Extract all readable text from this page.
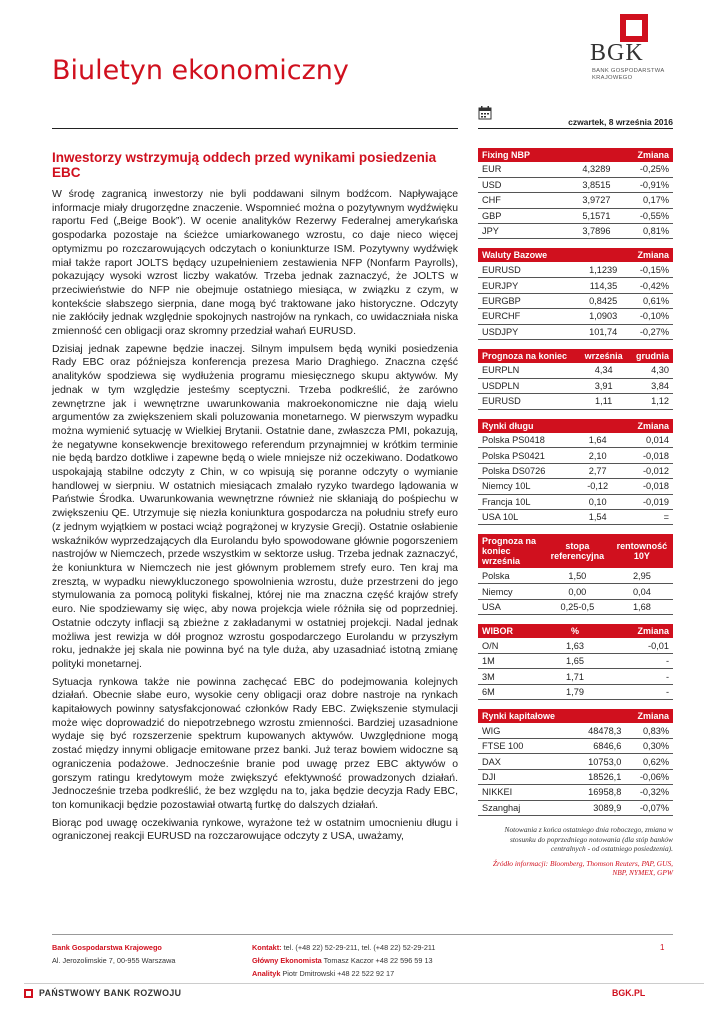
Biuletyn ekonomiczny
BGK
BANK GOSPODARSTWA
KRAJOWEGO
czwartek, 8 września 2016
Inwestorzy wstrzymują oddech przed wynikami posiedzenia EBC

W środę zagranicą inwestorzy nie byli poddawani silnym bodźcom. Napływające informacje miały drugorzędne znaczenie. Wspomnieć można o pozytywnym wydźwięku raportu Fed („Beige Book”). W ocenie analityków Rezerwy Federalnej amerykańska gospodarka pozostaje na ścieżce umiarkowanego wzrostu, co daje nieco więcej optymizmu po rozczarowujących odczytach o koniunkturze ISM. Pozytywny wydźwięk miał także raport JOLTS będący uzupełnieniem zestawienia NFP (Nonfarm Payrolls), pokazujący wysoki wzrost liczby wakatów. Trzeba jednak zaznaczyć, że JOLTS w przeciwieństwie do NFP nie obejmuje ostatniego miesiąca, w związku z czym, w kontekście słabszego sierpnia, dane mogą być traktowane jako historyczne. Odczyty nie zakłóciły jednak względnie spokojnych nastrojów na rynkach, co uwidaczniała niska zmienność cen obligacji oraz skromny przedział wahań EURUSD.

Dzisiaj jednak zapewne będzie inaczej. Silnym impulsem będą wyniki posiedzenia Rady EBC oraz późniejsza konferencja prezesa Mario Draghiego. Znaczna część analityków spodziewa się wydłużenia programu miesięcznego skupu aktywów. My jednak w tym względzie jesteśmy sceptyczni. Trzeba podkreślić, że zarówno zewnętrzne jak i wewnętrzne uwarunkowania makroekonomiczne nie dają wielu argumentów za zwiększeniem skali poluzowania monetarnego. W pierwszym wypadku można wymienić sytuację w Wielkiej Brytanii. Ostatnie dane, zwłaszcza PMI, pokazują, że negatywne konsekwencje brexitowego referendum przynajmniej w krótkim terminie nie będą bardzo dotkliwe i zapewne będą o wiele mniejsze niż oczekiwano. Dodatkowo uspokajają stabilne odczyty z Chin, w co wpisują się poranne odczyty o wymianie handlowej w sierpniu. W ostatnich miesiącach zmalało ryzyko twardego lądowania w Państwie Środka. Uwarunkowania wewnętrzne również nie skłaniają do pośpiechu w zwiększeniu QE. Utrzymuje się niezła koniunktura gospodarcza na południu strefy euro (z jednym wyjątkiem w postaci wciąż pogrążonej w kryzysie Grecji). Ostatnie osłabienie wskaźników wyprzedzających dla Eurolandu było spowodowane głównie pogorszeniem nastrojów w Niemczech, przede wszystkim w sektorze usług. Trzeba jednak zaznaczyć, że koniunktura w Niemczech nie jest głównym problemem strefy euro. Ten kraj ma zresztą, w wypadku niewykluczonego spowolnienia wzrostu, duże przestrzeni do jego stymulowania za pomocą polityki fiskalnej, której nie ma znaczna część krajów strefy euro. Nie spodziewamy się więc, aby nowa projekcja wiele różniła się od poprzedniej. Ostatnie odczyty inflacji są zbieżne z zakładanymi w ostatniej projekcji. Nadal jednak możliwa jest rewizja w dół prognoz wzrostu gospodarczego Eurolandu w przyszłym roku, jednakże jej skala nie powinna być na tyle duża, aby uzasadniać istotną zmianę polityki monetarnej.

Sytuacja rynkowa także nie powinna zachęcać EBC do podejmowania kolejnych działań. Obecnie słabe euro, wysokie ceny obligacji oraz dobre nastroje na rynkach kapitałowych powinny satysfakcjonować członków Rady EBC. Zwiększenie stymulacji może więc doprowadzić do niepotrzebnego wzrostu zmienności. Bardziej uzasadnione wydaje się być rozszerzenie spektrum kupowanych aktywów. Uwzględnione mogą zostać między innymi obligacje emitowane przez banki. Już teraz bowiem widoczne są ograniczenia podażowe. Jednocześnie branie pod uwagę przez EBC aktywów o gorszym ratingu kredytowym może zwiększyć efektywność prowadzonych działań. Jednocześnie trzeba podkreślić, że bez względu na to, jaka będzie decyzja Rady EBC, ton komunikacji będzie pozostawiał otwartą furtkę do dalszych działań.

Biorąc pod uwagę oczekiwania rynkowe, wyrażone też w ostatnim umocnieniu długu i ograniczonej reakcji EURUSD na rozczarowujące odczyty z USA, uważamy,

Fixing NBP		Zmiana
EUR	4,3289	-0,25%
USD	3,8515	-0,91%
CHF	3,9727	0,17%
GBP	5,1571	-0,55%
JPY	3,7896	0,81%
Waluty Bazowe		Zmiana
EURUSD	1,1239	-0,15%
EURJPY	114,35	-0,42%
EURGBP	0,8425	0,61%
EURCHF	1,0903	-0,10%
USDJPY	101,74	-0,27%
Prognoza na koniec	września	grudnia
EURPLN	4,34	4,30
USDPLN	3,91	3,84
EURUSD	1,11	1,12
Rynki długu		Zmiana
Polska PS0418	1,64	0,014
Polska PS0421	2,10	-0,018
Polska DS0726	2,77	-0,012
Niemcy 10L	-0,12	-0,018
Francja 10L	0,10	-0,019
USA 10L	1,54	=
Prognoza na koniec września	stopa referencyjna	rentowność 10Y
Polska	1,50	2,95
Niemcy	0,00	0,04
USA	0,25-0,5	1,68
WIBOR	%	Zmiana
O/N	1,63	-0,01
1M	1,65	-
3M	1,71	-
6M	1,79	-
Rynki kapitałowe		Zmiana
WIG	48478,3	0,83%
FTSE 100	6846,6	0,30%
DAX	10753,0	0,62%
DJI	18526,1	-0,06%
NIKKEI	16958,8	-0,32%
Szanghaj	3089,9	-0,07%
Notowania z końca ostatniego dnia roboczego, zmiana w stosunku do poprzedniego notowania (dla stóp banków centralnych - od ostatniego posiedzenia).
Źródło informacji: Bloomberg, Thomson Reuters, PAP, GUS, NBP, NYMEX, GPW
Bank Gospodarstwa Krajowego
Al. Jerozolimskie 7, 00-955 Warszawa
Kontakt: tel. (+48 22) 52-29-211, tel. (+48 22) 52-29-211
Główny Ekonomista Tomasz Kaczor +48 22 596 59 13
Analityk Piotr Dmitrowski +48 22 522 92 17
1
PAŃSTWOWY BANK ROZWOJU	BGK.PL
